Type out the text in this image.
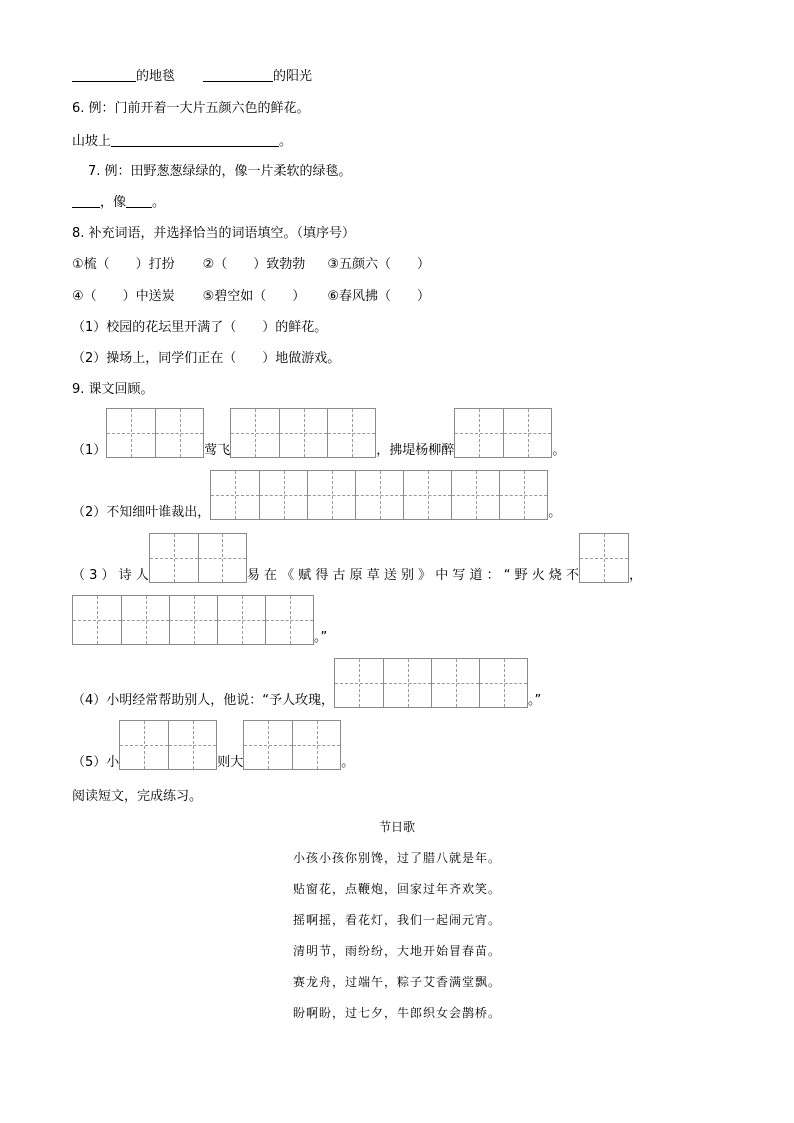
的地毯	的阳光
6. 例：门前开着一大片五颜六色的鲜花。
山坡上	。
7. 例：田野葱葱绿绿的，像一片柔软的绿毯。
，像 。
8. 补充词语，并选择恰当的词语填空。（填序号）
①梳（　　）打扮 ②（　　）致勃勃 ③五颜六（　　）
④（　　）中送炭 ⑤碧空如（　　） ⑥春风拂（　　）
（1）校园的花坛里开满了（　　）的鲜花。
（2）操场上，同学们正在（　　）地做游戏。
9. 课文回顾。
（1）	莺飞	，拂堤杨柳醉	。
（2）不知细叶谁裁出，	。
（ 3 ） 诗 人	易 在 《 赋 得 古 原 草 送 别 》 中 写 道 ： “ 野 火 烧 不	，
。”
（4）小明经常帮助别人，他说：“予人玫瑰，	。”
（5）小	则大	。
阅读短文，完成练习。
节日歌
小孩小孩你别馋，过了腊八就是年。
贴窗花，点鞭炮，回家过年齐欢笑。
摇啊摇，看花灯，我们一起闹元宵。
清明节，雨纷纷，大地开始冒春苗。
赛龙舟，过端午，粽子艾香满堂飘。
盼啊盼，过七夕，牛郎织女会鹊桥。
